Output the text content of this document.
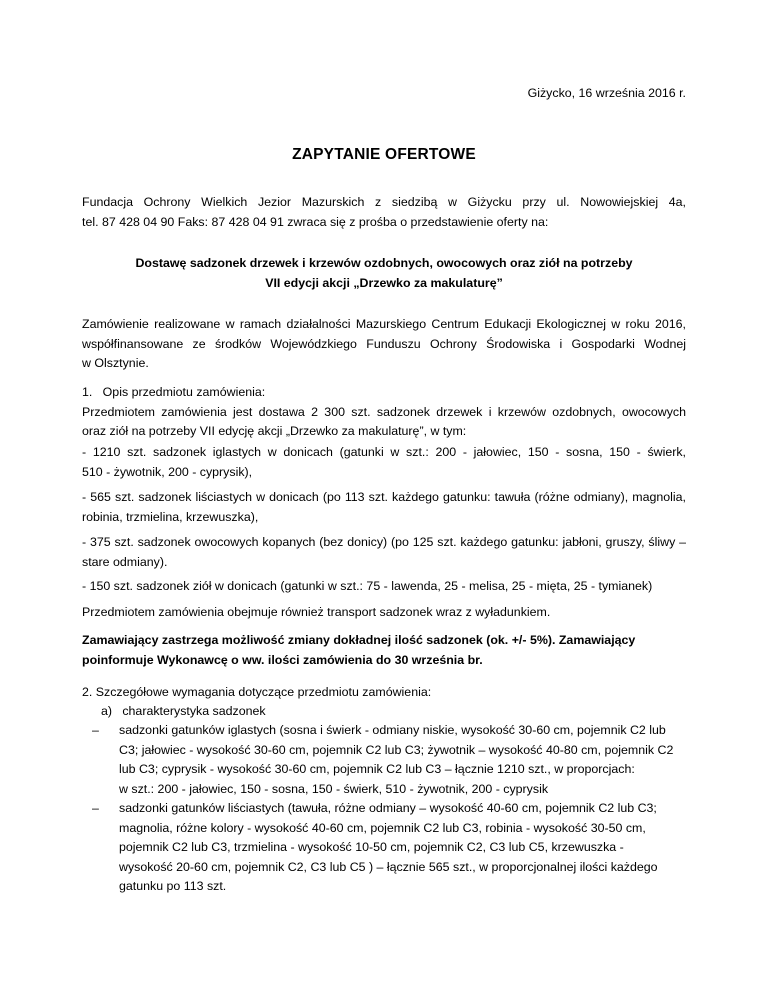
Giżycko, 16 września 2016 r.
ZAPYTANIE OFERTOWE
Fundacja Ochrony Wielkich Jezior Mazurskich z siedzibą w Giżycku przy ul. Nowowiejskiej 4a,
tel. 87 428 04 90 Faks: 87 428 04 91 zwraca się z prośba o przedstawienie oferty na:
Dostawę sadzonek drzewek i krzewów ozdobnych, owocowych oraz ziół na potrzeby
VII edycji akcji „Drzewko za makulaturę”
Zamówienie realizowane w ramach działalności Mazurskiego Centrum Edukacji Ekologicznej w roku 2016,
współfinansowane ze środków Wojewódzkiego Funduszu Ochrony Środowiska i Gospodarki Wodnej
w Olsztynie.
1.   Opis przedmiotu zamówienia:
Przedmiotem zamówienia jest dostawa 2 300 szt. sadzonek drzewek i krzewów ozdobnych, owocowych
oraz ziół na potrzeby VII edycję akcji „Drzewko za makulaturę”, w tym:
- 1210 szt. sadzonek iglastych w donicach (gatunki w szt.: 200 - jałowiec, 150 - sosna, 150 - świerk,
510 - żywotnik, 200 - cyprysik),
- 565 szt. sadzonek liściastych w donicach (po 113 szt. każdego gatunku: tawuła (różne odmiany), magnolia,
robinia, trzmielina, krzewuszka),
- 375 szt. sadzonek owocowych kopanych (bez donicy) (po 125 szt. każdego gatunku: jabłoni, gruszy, śliwy –
stare odmiany).
- 150 szt. sadzonek ziół w donicach (gatunki w szt.: 75 - lawenda, 25 - melisa, 25 - mięta, 25 - tymianek)
Przedmiotem zamówienia obejmuje również transport sadzonek wraz z wyładunkiem.
Zamawiający zastrzega możliwość zmiany dokładnej ilość sadzonek (ok. +/- 5%). Zamawiający
poinformuje Wykonawcę o ww. ilości zamówienia do 30 września br.
2. Szczegółowe wymagania dotyczące przedmiotu zamówienia:
a)   charakterystyka sadzonek
– sadzonki gatunków iglastych (sosna i świerk - odmiany niskie, wysokość 30-60 cm, pojemnik C2 lub
C3; jałowiec - wysokość 30-60 cm, pojemnik C2 lub C3; żywotnik – wysokość 40-80 cm, pojemnik C2
lub C3; cyprysik - wysokość 30-60 cm, pojemnik C2 lub C3 – łącznie 1210 szt., w proporcjach:
w szt.: 200 - jałowiec, 150 - sosna, 150 - świerk, 510 - żywotnik, 200 - cyprysik
– sadzonki gatunków liściastych (tawuła, różne odmiany – wysokość 40-60 cm, pojemnik C2 lub C3;
magnolia, różne kolory - wysokość 40-60 cm, pojemnik C2 lub C3, robinia - wysokość 30-50 cm,
pojemnik C2 lub C3, trzmielina - wysokość 10-50 cm, pojemnik C2, C3 lub C5, krzewuszka -
wysokość 20-60 cm, pojemnik C2, C3 lub C5 ) – łącznie 565 szt., w proporcjonalnej ilości każdego
gatunku po 113 szt.
